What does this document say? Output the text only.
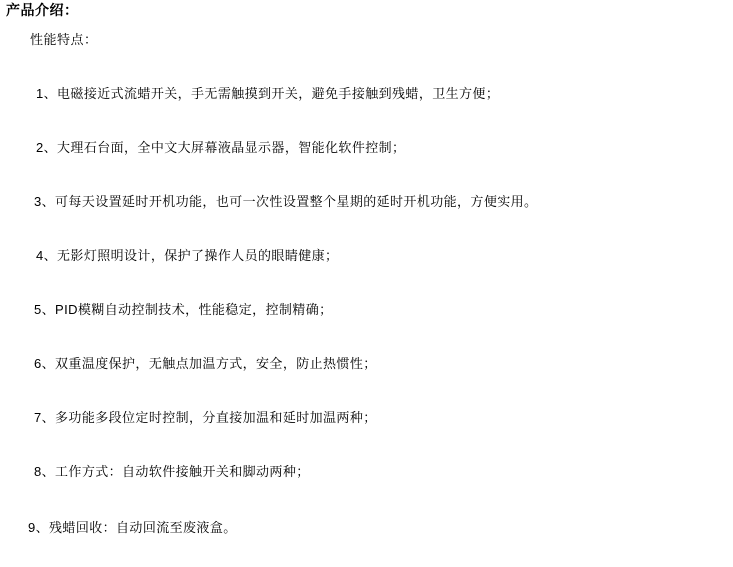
产品介绍：
性能特点：
1、电磁接近式流蜡开关，手无需触摸到开关，避免手接触到残蜡，卫生方便；
2、大理石台面，全中文大屏幕液晶显示器，智能化软件控制；
3、可每天设置延时开机功能，也可一次性设置整个星期的延时开机功能，方便实用。
4、无影灯照明设计，保护了操作人员的眼睛健康；
5、PID模糊自动控制技术，性能稳定，控制精确；
6、双重温度保护，无触点加温方式，安全，防止热惯性；
7、多功能多段位定时控制，分直接加温和延时加温两种；
8、工作方式：自动软件接触开关和脚动两种；
9、残蜡回收：自动回流至废液盒。
